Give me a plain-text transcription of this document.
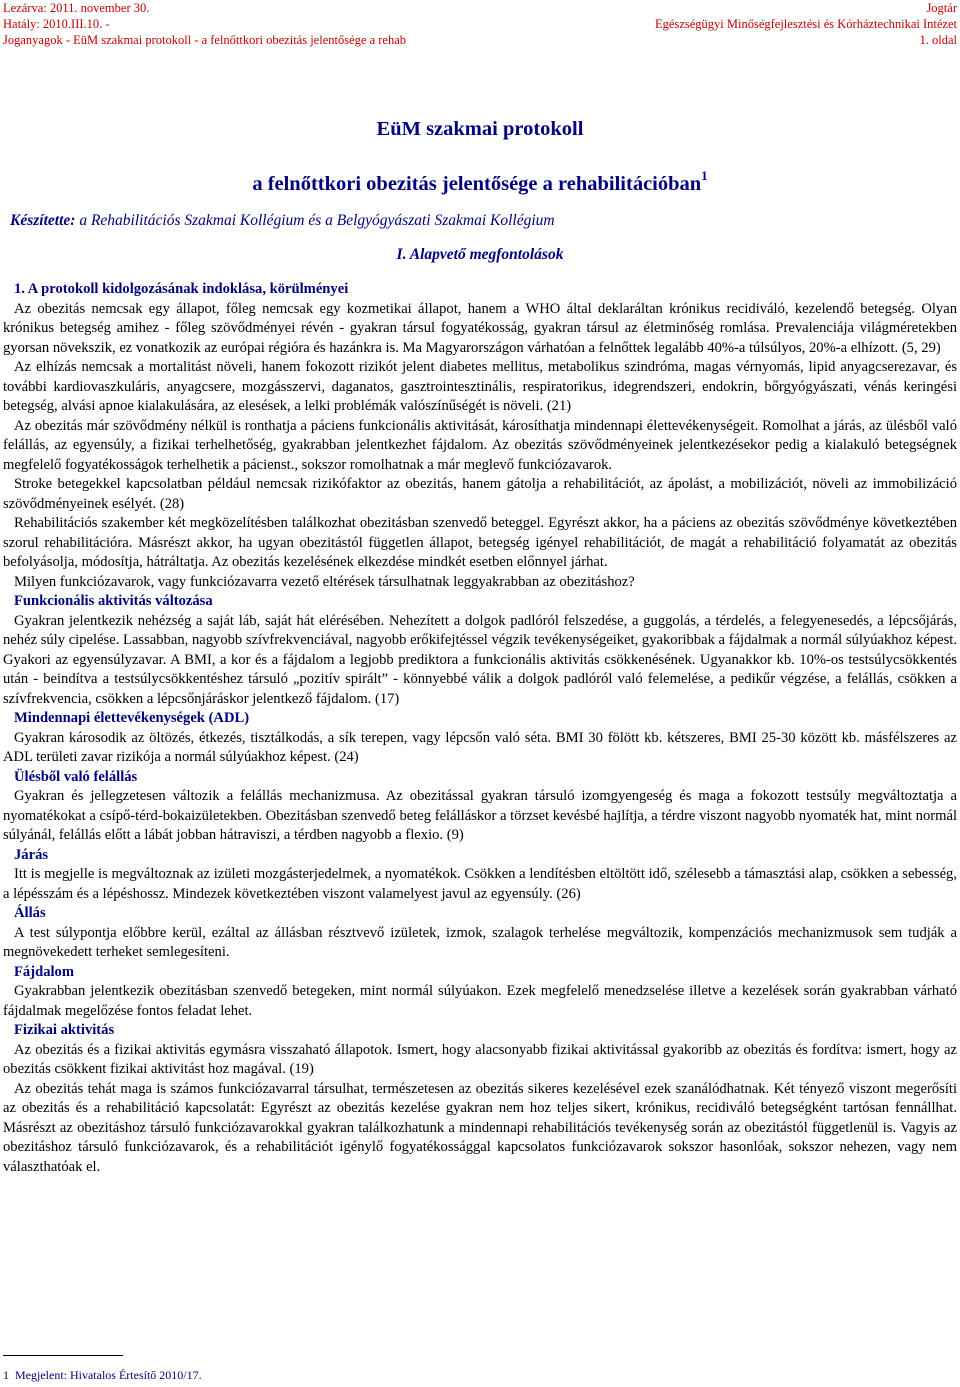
Lezárva: 2011. november 30.	Jogtár
Hatály: 2010.III.10. -	Egészségügyi Minőségfejlesztési és Kórháztechnikai Intézet
Joganyagok - EüM szakmai protokoll - a felnőttkori obezitás jelentősége a rehab	1. oldal
EüM szakmai protokoll
a felnőttkori obezitás jelentősége a rehabilitációban$^1$
Készítette: a Rehabilitációs Szakmai Kollégium és a Belgyógyászati Szakmai Kollégium
I. Alapvető megfontolások

1. A protokoll kidolgozásának indoklása, körülményei

Az obezitás nemcsak egy állapot, főleg nemcsak egy kozmetikai állapot, hanem a WHO által deklaráltan krónikus recidiváló, kezelendő betegség. Olyan krónikus betegség amihez - főleg szövődményei révén - gyakran társul fogyatékosság, gyakran társul az életminőség romlása. Prevalenciája világméretekben gyorsan növekszik, ez vonatkozik az európai régióra és hazánkra is. Ma Magyarországon várhatóan a felnőttek legalább 40%-a túlsúlyos, 20%-a elhízott. (5, 29)

Az elhízás nemcsak a mortalitást növeli, hanem fokozott rizikót jelent diabetes mellitus, metabolikus szindróma, magas vérnyomás, lipid anyagcserezavar, és további kardiovaszkuláris, anyagcsere, mozgásszervi, daganatos, gasztrointesztinális, respiratorikus, idegrendszeri, endokrin, bőrgyógyászati, vénás keringési betegség, alvási apnoe kialakulására, az elesések, a lelki problémák valószínűségét is növeli. (21)

Az obezitás már szövődmény nélkül is ronthatja a páciens funkcionális aktivitását, károsíthatja mindennapi élettevékenységeit. Romolhat a járás, az ülésből való felállás, az egyensúly, a fizikai terhelhetőség, gyakrabban jelentkezhet fájdalom. Az obezitás szövődményeinek jelentkezésekor pedig a kialakuló betegségnek megfelelő fogyatékosságok terhelhetik a pácienst., sokszor romolhatnak a már meglevő funkciózavarok.

Stroke betegekkel kapcsolatban például nemcsak rizikófaktor az obezitás, hanem gátolja a rehabilitációt, az ápolást, a mobilizációt, növeli az immobilizáció szövődményeinek esélyét. (28)

Rehabilitációs szakember két megközelítésben találkozhat obezitásban szenvedő beteggel. Egyrészt akkor, ha a páciens az obezitás szövődménye következtében szorul rehabilitációra. Másrészt akkor, ha ugyan obezitástól független állapot, betegség igényel rehabilitációt, de magát a rehabilitáció folyamatát az obezitás befolyásolja, módosítja, hátráltatja. Az obezitás kezelésének elkezdése mindkét esetben előnnyel járhat.

Milyen funkciózavarok, vagy funkciózavarra vezető eltérések társulhatnak leggyakrabban az obezitáshoz?

Funkcionális aktivitás változása

Gyakran jelentkezik nehézség a saját láb, saját hát elérésében. Nehezített a dolgok padlóról felszedése, a guggolás, a térdelés, a felegyenesedés, a lépcsőjárás, nehéz súly cipelése. Lassabban, nagyobb szívfrekvenciával, nagyobb erőkifejtéssel végzik tevékenységeiket, gyakoribbak a fájdalmak a normál súlyúakhoz képest. Gyakori az egyensúlyzavar. A BMI, a kor és a fájdalom a legjobb prediktora a funkcionális aktivitás csökkenésének. Ugyanakkor kb. 10%-os testsúlycsökkentés után - beindítva a testsúlycsökkentéshez társuló „pozitív spirált” - könnyebbé válik a dolgok padlóról való felemelése, a pedikűr végzése, a felállás, csökken a szívfrekvencia, csökken a lépcsőnjáráskor jelentkező fájdalom. (17)

Mindennapi élettevékenységek (ADL)

Gyakran károsodik az öltözés, étkezés, tisztálkodás, a sík terepen, vagy lépcsőn való séta. BMI 30 fölött kb. kétszeres, BMI 25-30 között kb. másfélszeres az ADL területi zavar rizikója a normál súlyúakhoz képest. (24)

Ülésből való felállás

Gyakran és jellegzetesen változik a felállás mechanizmusa. Az obezitással gyakran társuló izomgyengeség és maga a fokozott testsúly megváltoztatja a nyomatékokat a csípő-térd-bokaizületekben. Obezitásban szenvedő beteg felálláskor a törzset kevésbé hajlítja, a térdre viszont nagyobb nyomaték hat, mint normál súlyánál, felállás előtt a lábát jobban hátraviszi, a térdben nagyobb a flexio. (9)

Járás

Itt is megjelle is megváltoznak az izületi mozgásterjedelmek, a nyomatékok. Csökken a lendítésben eltöltött idő, szélesebb a támasztási alap, csökken a sebesség, a lépésszám és a lépéshossz. Mindezek következtében viszont valamelyest javul az egyensúly. (26)

Állás

A test súlypontja előbbre kerül, ezáltal az állásban résztvevő izületek, izmok, szalagok terhelése megváltozik, kompenzációs mechanizmusok sem tudják a megnövekedett terheket semlegesíteni.

Fájdalom

Gyakrabban jelentkezik obezitásban szenvedő betegeken, mint normál súlyúakon. Ezek megfelelő menedzselése illetve a kezelések során gyakrabban várható fájdalmak megelőzése fontos feladat lehet.

Fizikai aktivitás

Az obezitás és a fizikai aktivitás egymásra visszaható állapotok. Ismert, hogy alacsonyabb fizikai aktivitással gyakoribb az obezitás és fordítva: ismert, hogy az obezitás csökkent fizikai aktivitást hoz magával. (19)

Az obezitás tehát maga is számos funkciózavarral társulhat, természetesen az obezitás sikeres kezelésével ezek szanálódhatnak. Két tényező viszont megerősíti az obezitás és a rehabilitáció kapcsolatát: Egyrészt az obezitás kezelése gyakran nem hoz teljes sikert, krónikus, recidiváló betegségként tartósan fennállhat. Másrészt az obezitáshoz társuló funkciózavarokkal gyakran találkozhatunk a mindennapi rehabilitációs tevékenység során az obezitástól függetlenül is. Vagyis az obezitáshoz társuló funkciózavarok, és a rehabilitációt igénylő fogyatékossággal kapcsolatos funkciózavarok sokszor hasonlóak, sokszor nehezen, vagy nem választhatóak el.

1 Megjelent: Hivatalos Értesítő 2010/17.
